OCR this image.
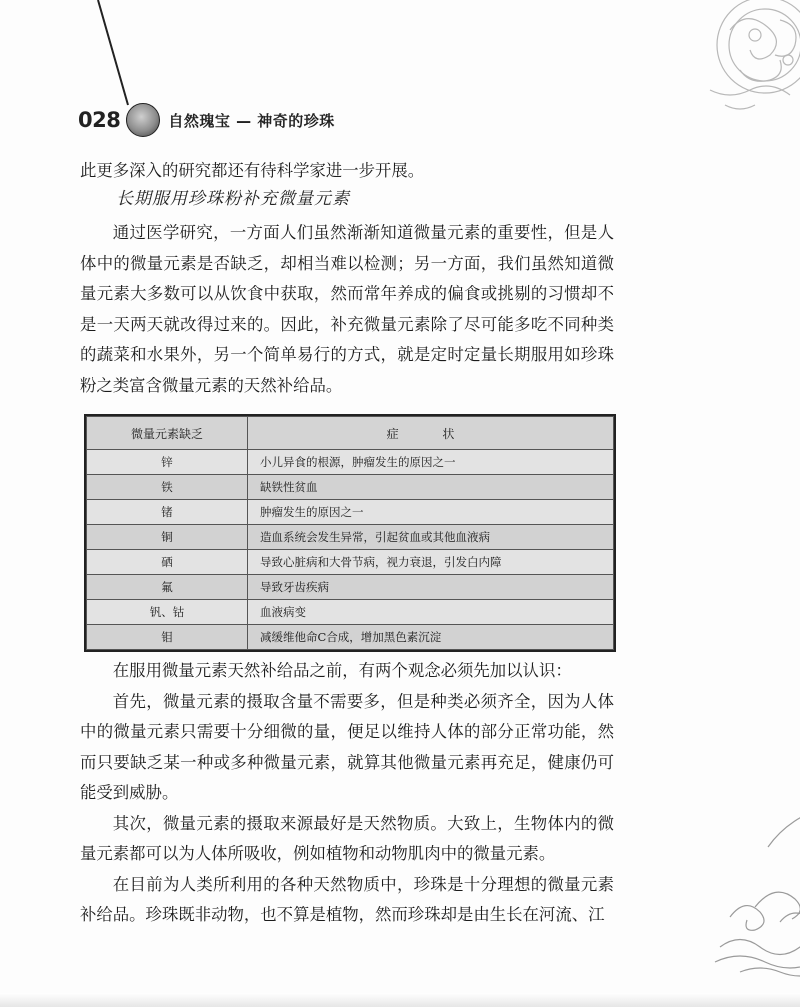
028	自然瑰宝 — 神奇的珍珠

此更多深入的研究都还有待科学家进一步开展。

长期服用珍珠粉补充微量元素

通过医学研究，一方面人们虽然渐渐知道微量元素的重要性，但是人体中的微量元素是否缺乏，却相当难以检测；另一方面，我们虽然知道微量元素大多数可以从饮食中获取，然而常年养成的偏食或挑剔的习惯却不是一天两天就改得过来的。因此，补充微量元素除了尽可能多吃不同种类的蔬菜和水果外，另一个简单易行的方式，就是定时定量长期服用如珍珠粉之类富含微量元素的天然补给品。

微量元素缺乏	症 状
锌	小儿异食的根源，肿瘤发生的原因之一
铁	缺铁性贫血
锗	肿瘤发生的原因之一
铜	造血系统会发生异常，引起贫血或其他血液病
硒	导致心脏病和大骨节病，视力衰退，引发白内障
氟	导致牙齿疾病
钒、钴	血液病变
钼	减缓维他命C合成，增加黑色素沉淀

在服用微量元素天然补给品之前，有两个观念必须先加以认识：

首先，微量元素的摄取含量不需要多，但是种类必须齐全，因为人体中的微量元素只需要十分细微的量，便足以维持人体的部分正常功能，然而只要缺乏某一种或多种微量元素，就算其他微量元素再充足，健康仍可能受到威胁。

其次，微量元素的摄取来源最好是天然物质。大致上，生物体内的微量元素都可以为人体所吸收，例如植物和动物肌肉中的微量元素。

在目前为人类所利用的各种天然物质中，珍珠是十分理想的微量元素补给品。珍珠既非动物，也不算是植物，然而珍珠却是由生长在河流、江
